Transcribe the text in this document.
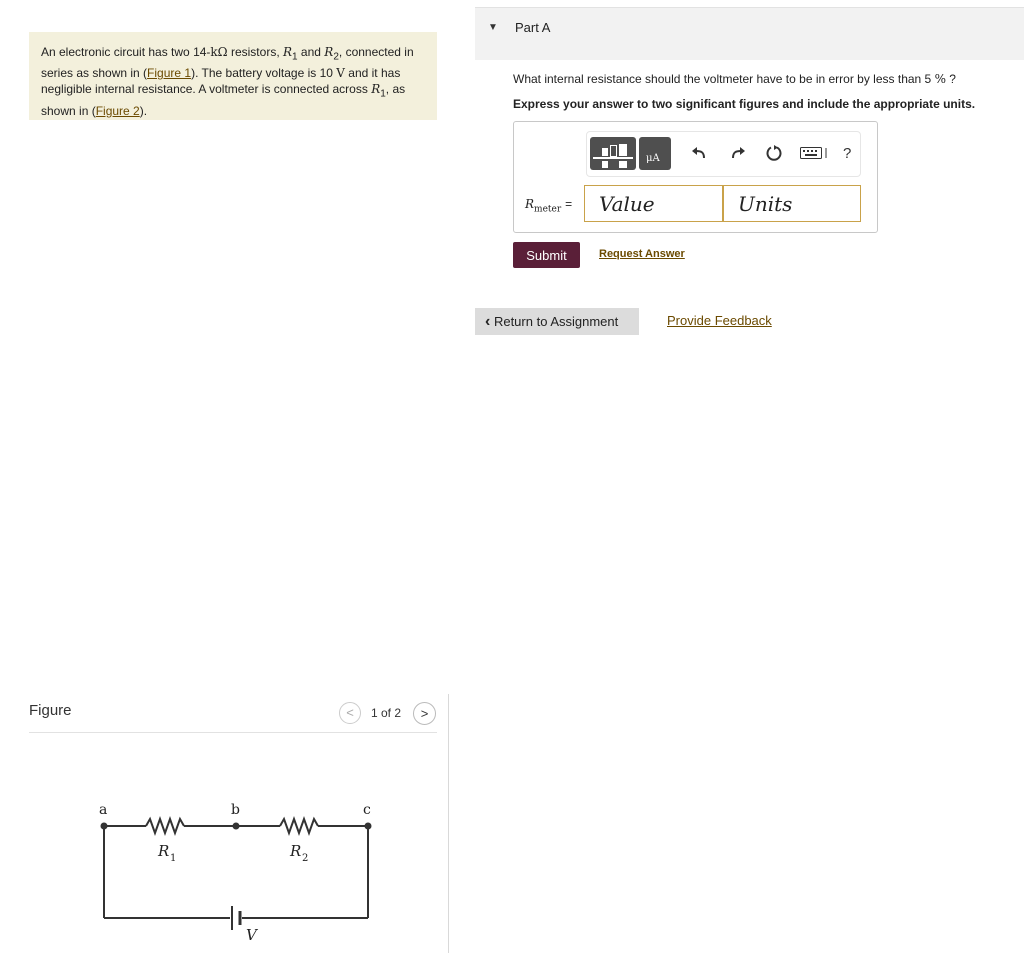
An electronic circuit has two 14-kΩ resistors, $R_1$ and $R_2$, connected in series as shown in (Figure 1). The battery voltage is 10 V and it has negligible internal resistance. A voltmeter is connected across $R_1$, as shown in (Figure 2).
Figure	<	1 of 2	>
a	b	c
R 1	R 2
V
▼ Part A
What internal resistance should the voltmeter have to be in error by less than 5 % ?
Express your answer to two significant figures and include the appropriate units.
μA	?
$R_{meter}$ =
Value
Units
Submit	Request Answer
‹ Return to Assignment	Provide Feedback
